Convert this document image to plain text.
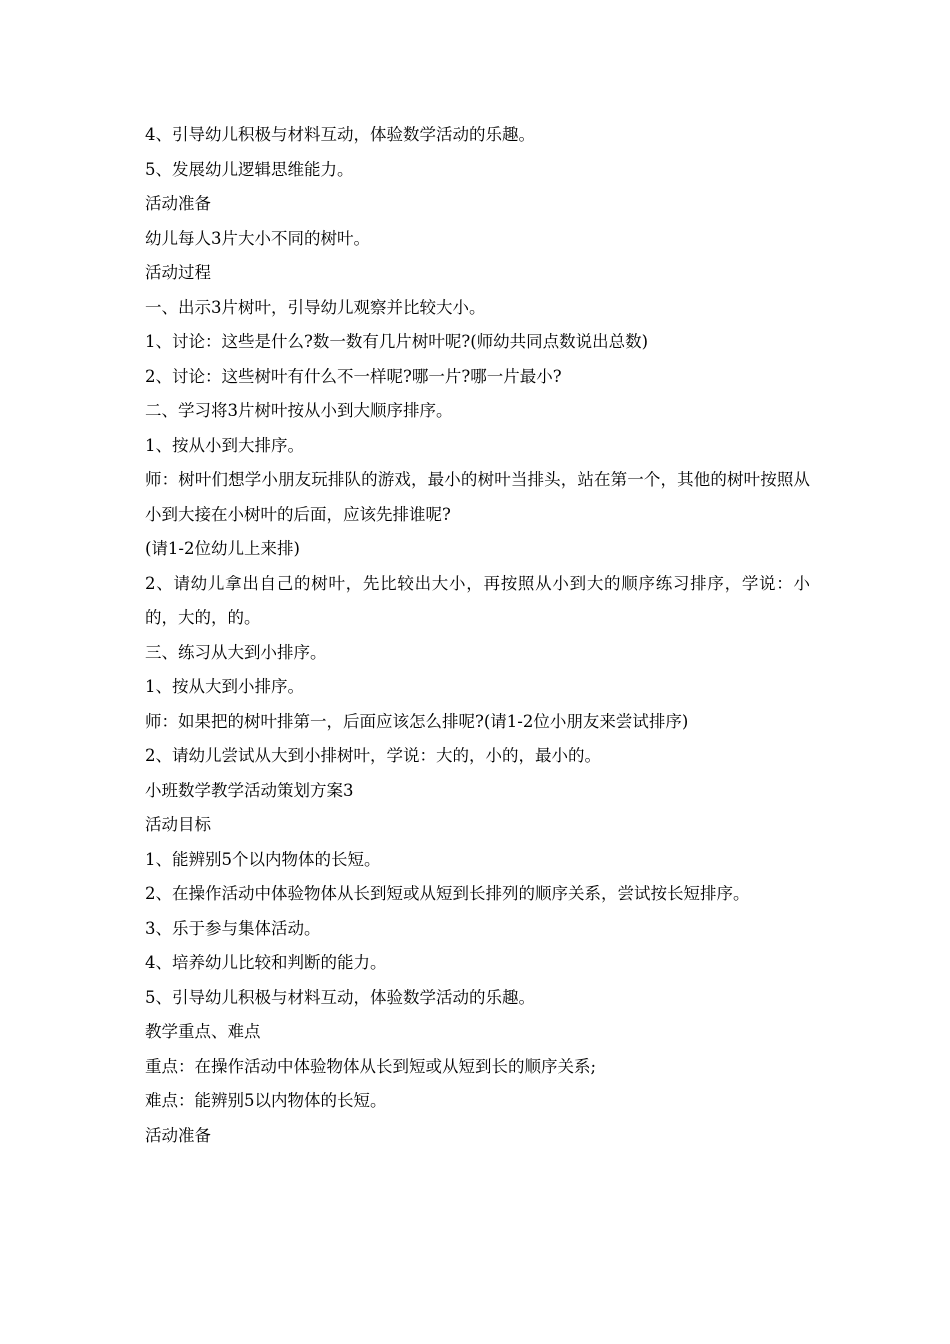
4、引导幼儿积极与材料互动，体验数学活动的乐趣。

5、发展幼儿逻辑思维能力。

活动准备

幼儿每人3片大小不同的树叶。

活动过程

一、出示3片树叶，引导幼儿观察并比较大小。

1、讨论：这些是什么?数一数有几片树叶呢?(师幼共同点数说出总数)

2、讨论：这些树叶有什么不一样呢?哪一片?哪一片最小?

二、学习将3片树叶按从小到大顺序排序。

1、按从小到大排序。

师：树叶们想学小朋友玩排队的游戏，最小的树叶当排头，站在第一个，其他的树叶按照从小到大接在小树叶的后面，应该先排谁呢?

(请1-2位幼儿上来排)

2、请幼儿拿出自己的树叶，先比较出大小，再按照从小到大的顺序练习排序，学说：小的，大的，的。

三、练习从大到小排序。

1、按从大到小排序。

师：如果把的树叶排第一，后面应该怎么排呢?(请1-2位小朋友来尝试排序)

2、请幼儿尝试从大到小排树叶，学说：大的，小的，最小的。

小班数学教学活动策划方案3

活动目标

1、能辨别5个以内物体的长短。

2、在操作活动中体验物体从长到短或从短到长排列的顺序关系，尝试按长短排序。

3、乐于参与集体活动。

4、培养幼儿比较和判断的能力。

5、引导幼儿积极与材料互动，体验数学活动的乐趣。

教学重点、难点

重点：在操作活动中体验物体从长到短或从短到长的顺序关系;

难点：能辨别5以内物体的长短。

活动准备
